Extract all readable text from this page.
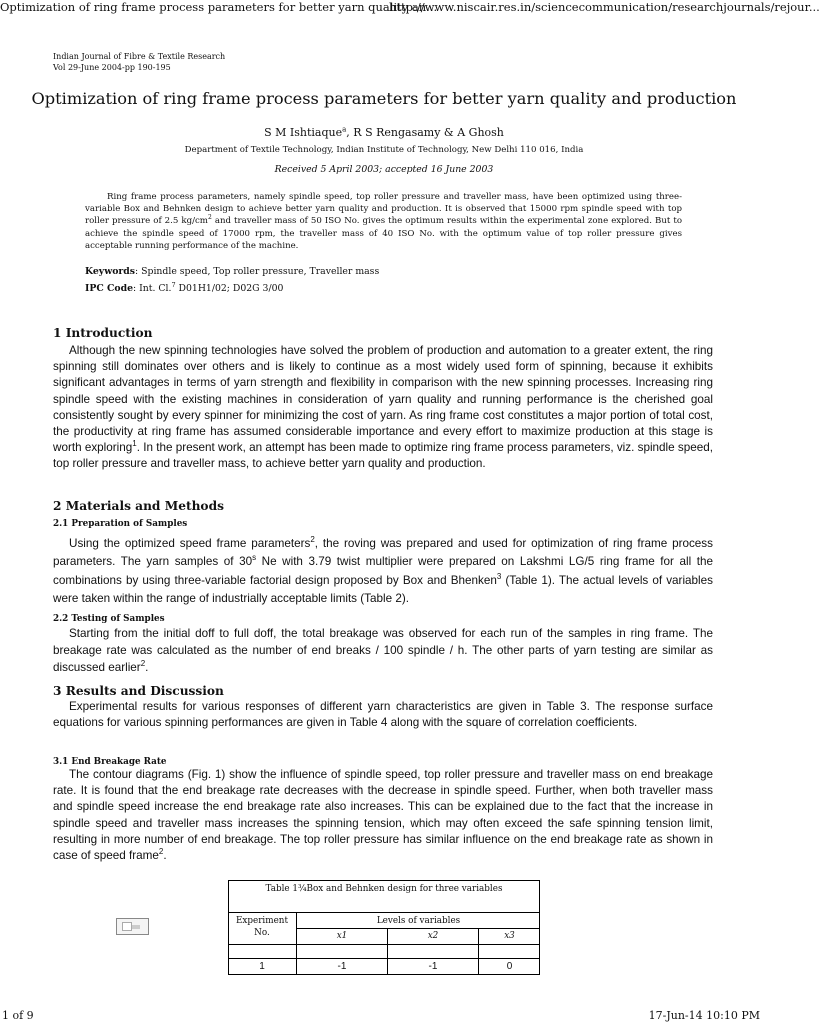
Optimization of ring frame process parameters for better yarn quality an...
http://www.niscair.res.in/sciencecommunication/researchjournals/rejour...
Indian Journal of Fibre & Textile Research
Vol 29-June 2004-pp 190-195
Optimization of ring frame process parameters for better yarn quality and production
S M Ishtiaque$^a$, R S Rengasamy & A Ghosh
Department of Textile Technology, Indian Institute of Technology, New Delhi 110 016, India
Received 5 April 2003; accepted 16 June 2003
Ring frame process parameters, namely spindle speed, top roller pressure and traveller mass, have been optimized using three-variable Box and Behnken design to achieve better yarn quality and production. It is observed that 15000 rpm spindle speed with top roller pressure of 2.5 $kg/cm^2$ and traveller mass of 50 ISO No. gives the optimum results within the experimental zone explored. But to achieve the spindle speed of 17000 rpm, the traveller mass of 40 ISO No. with the optimum value of top roller pressure gives acceptable running performance of the machine.
Keywords: Spindle speed, Top roller pressure, Traveller mass
IPC Code: Int. Cl.$^7$ D01H1/02; D02G 3/00
1 Introduction
Although the new spinning technologies have solved the problem of production and automation to a greater extent, the ring spinning still dominates over others and is likely to continue as a most widely used form of spinning, because it exhibits significant advantages in terms of yarn strength and flexibility in comparison with the new spinning processes. Increasing ring spindle speed with the existing machines in consideration of yarn quality and running performance is the cherished goal consistently sought by every spinner for minimizing the cost of yarn. As ring frame cost constitutes a major portion of total cost, the productivity at ring frame has assumed considerable importance and every effort to maximize production at this stage is worth exploring$^1$. In the present work, an attempt has been made to optimize ring frame process parameters, viz. spindle speed, top roller pressure and traveller mass, to achieve better yarn quality and production.
2 Materials and Methods
2.1 Preparation of Samples
Using the optimized speed frame parameters$^2$, the roving was prepared and used for optimization of ring frame process parameters. The yarn samples of 30$^s$ Ne with 3.79 twist multiplier were prepared on Lakshmi LG/5 ring frame for all the combinations by using three-variable factorial design proposed by Box and Bhenken$^3$ (Table 1). The actual levels of variables were taken within the range of industrially acceptable limits (Table 2).
2.2 Testing of Samples
Starting from the initial doff to full doff, the total breakage was observed for each run of the samples in ring frame. The breakage rate was calculated as the number of end breaks / 100 spindle / h. The other parts of yarn testing are similar as discussed earlier$^2$.
3 Results and Discussion
Experimental results for various responses of different yarn characteristics are given in Table 3. The response surface equations for various spinning performances are given in Table 4 along with the square of correlation coefficients.
3.1 End Breakage Rate
The contour diagrams (Fig. 1) show the influence of spindle speed, top roller pressure and traveller mass on end breakage rate. It is found that the end breakage rate decreases with the decrease in spindle speed. Further, when both traveller mass and spindle speed increase the end breakage rate also increases. This can be explained due to the fact that the increase in spindle speed and traveller mass increases the spinning tension, which may often exceed the safe spinning tension limit, resulting in more number of end breakage. The top roller pressure has similar influence on the end breakage rate as shown in case of speed frame$^2$.
Table 1¾Box and Behnken design for three variables
Experiment No.
Levels of variables
x1	x2	x3
1	-1	-1	0
1 of 9	17-Jun-14 10:10 PM
